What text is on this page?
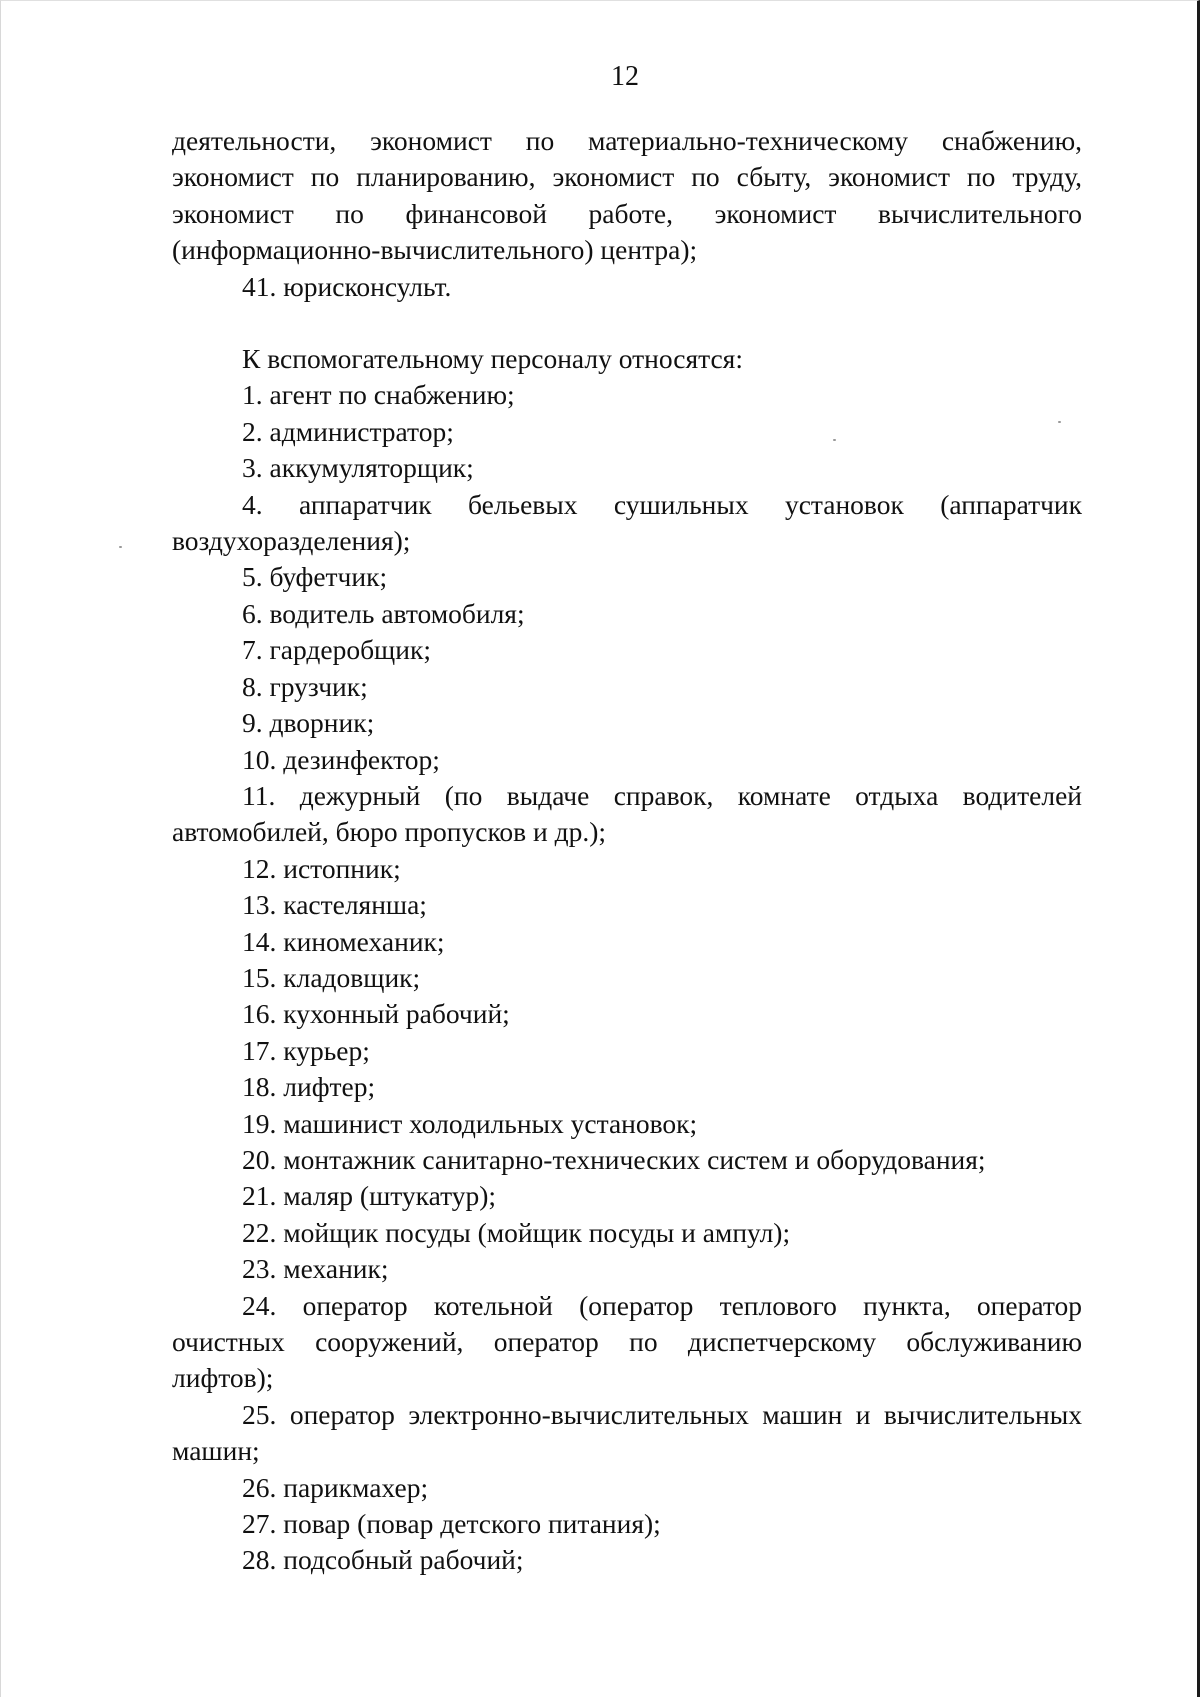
12

деятельности, экономист по материально-техническому снабжению,

экономист по планированию, экономист по сбыту, экономист по труду,

экономист по финансовой работе, экономист вычислительного

(информационно-вычислительного) центра);

41. юрисконсульт.

К вспомогательному персоналу относятся:

1. агент по снабжению;

2. администратор;

3. аккумуляторщик;

4. аппаратчик бельевых сушильных установок (аппаратчик
воздухоразделения);

5. буфетчик;

6. водитель автомобиля;

7. гардеробщик;

8. грузчик;

9. дворник;

10. дезинфектор;

11. дежурный (по выдаче справок, комнате отдыха водителей
автомобилей, бюро пропусков и др.);

12. истопник;

13. кастелянша;

14. киномеханик;

15. кладовщик;

16. кухонный рабочий;

17. курьер;

18. лифтер;

19. машинист холодильных установок;

20. монтажник санитарно-технических систем и оборудования;

21. маляр (штукатур);

22. мойщик посуды (мойщик посуды и ампул);

23. механик;

24. оператор котельной (оператор теплового пункта, оператор
очистных сооружений, оператор по диспетчерскому обслуживанию
лифтов);
25. оператор электронно-вычислительных машин и вычислительных
машин;

26. парикмахер;

27. повар (повар детского питания);

28. подсобный рабочий;
